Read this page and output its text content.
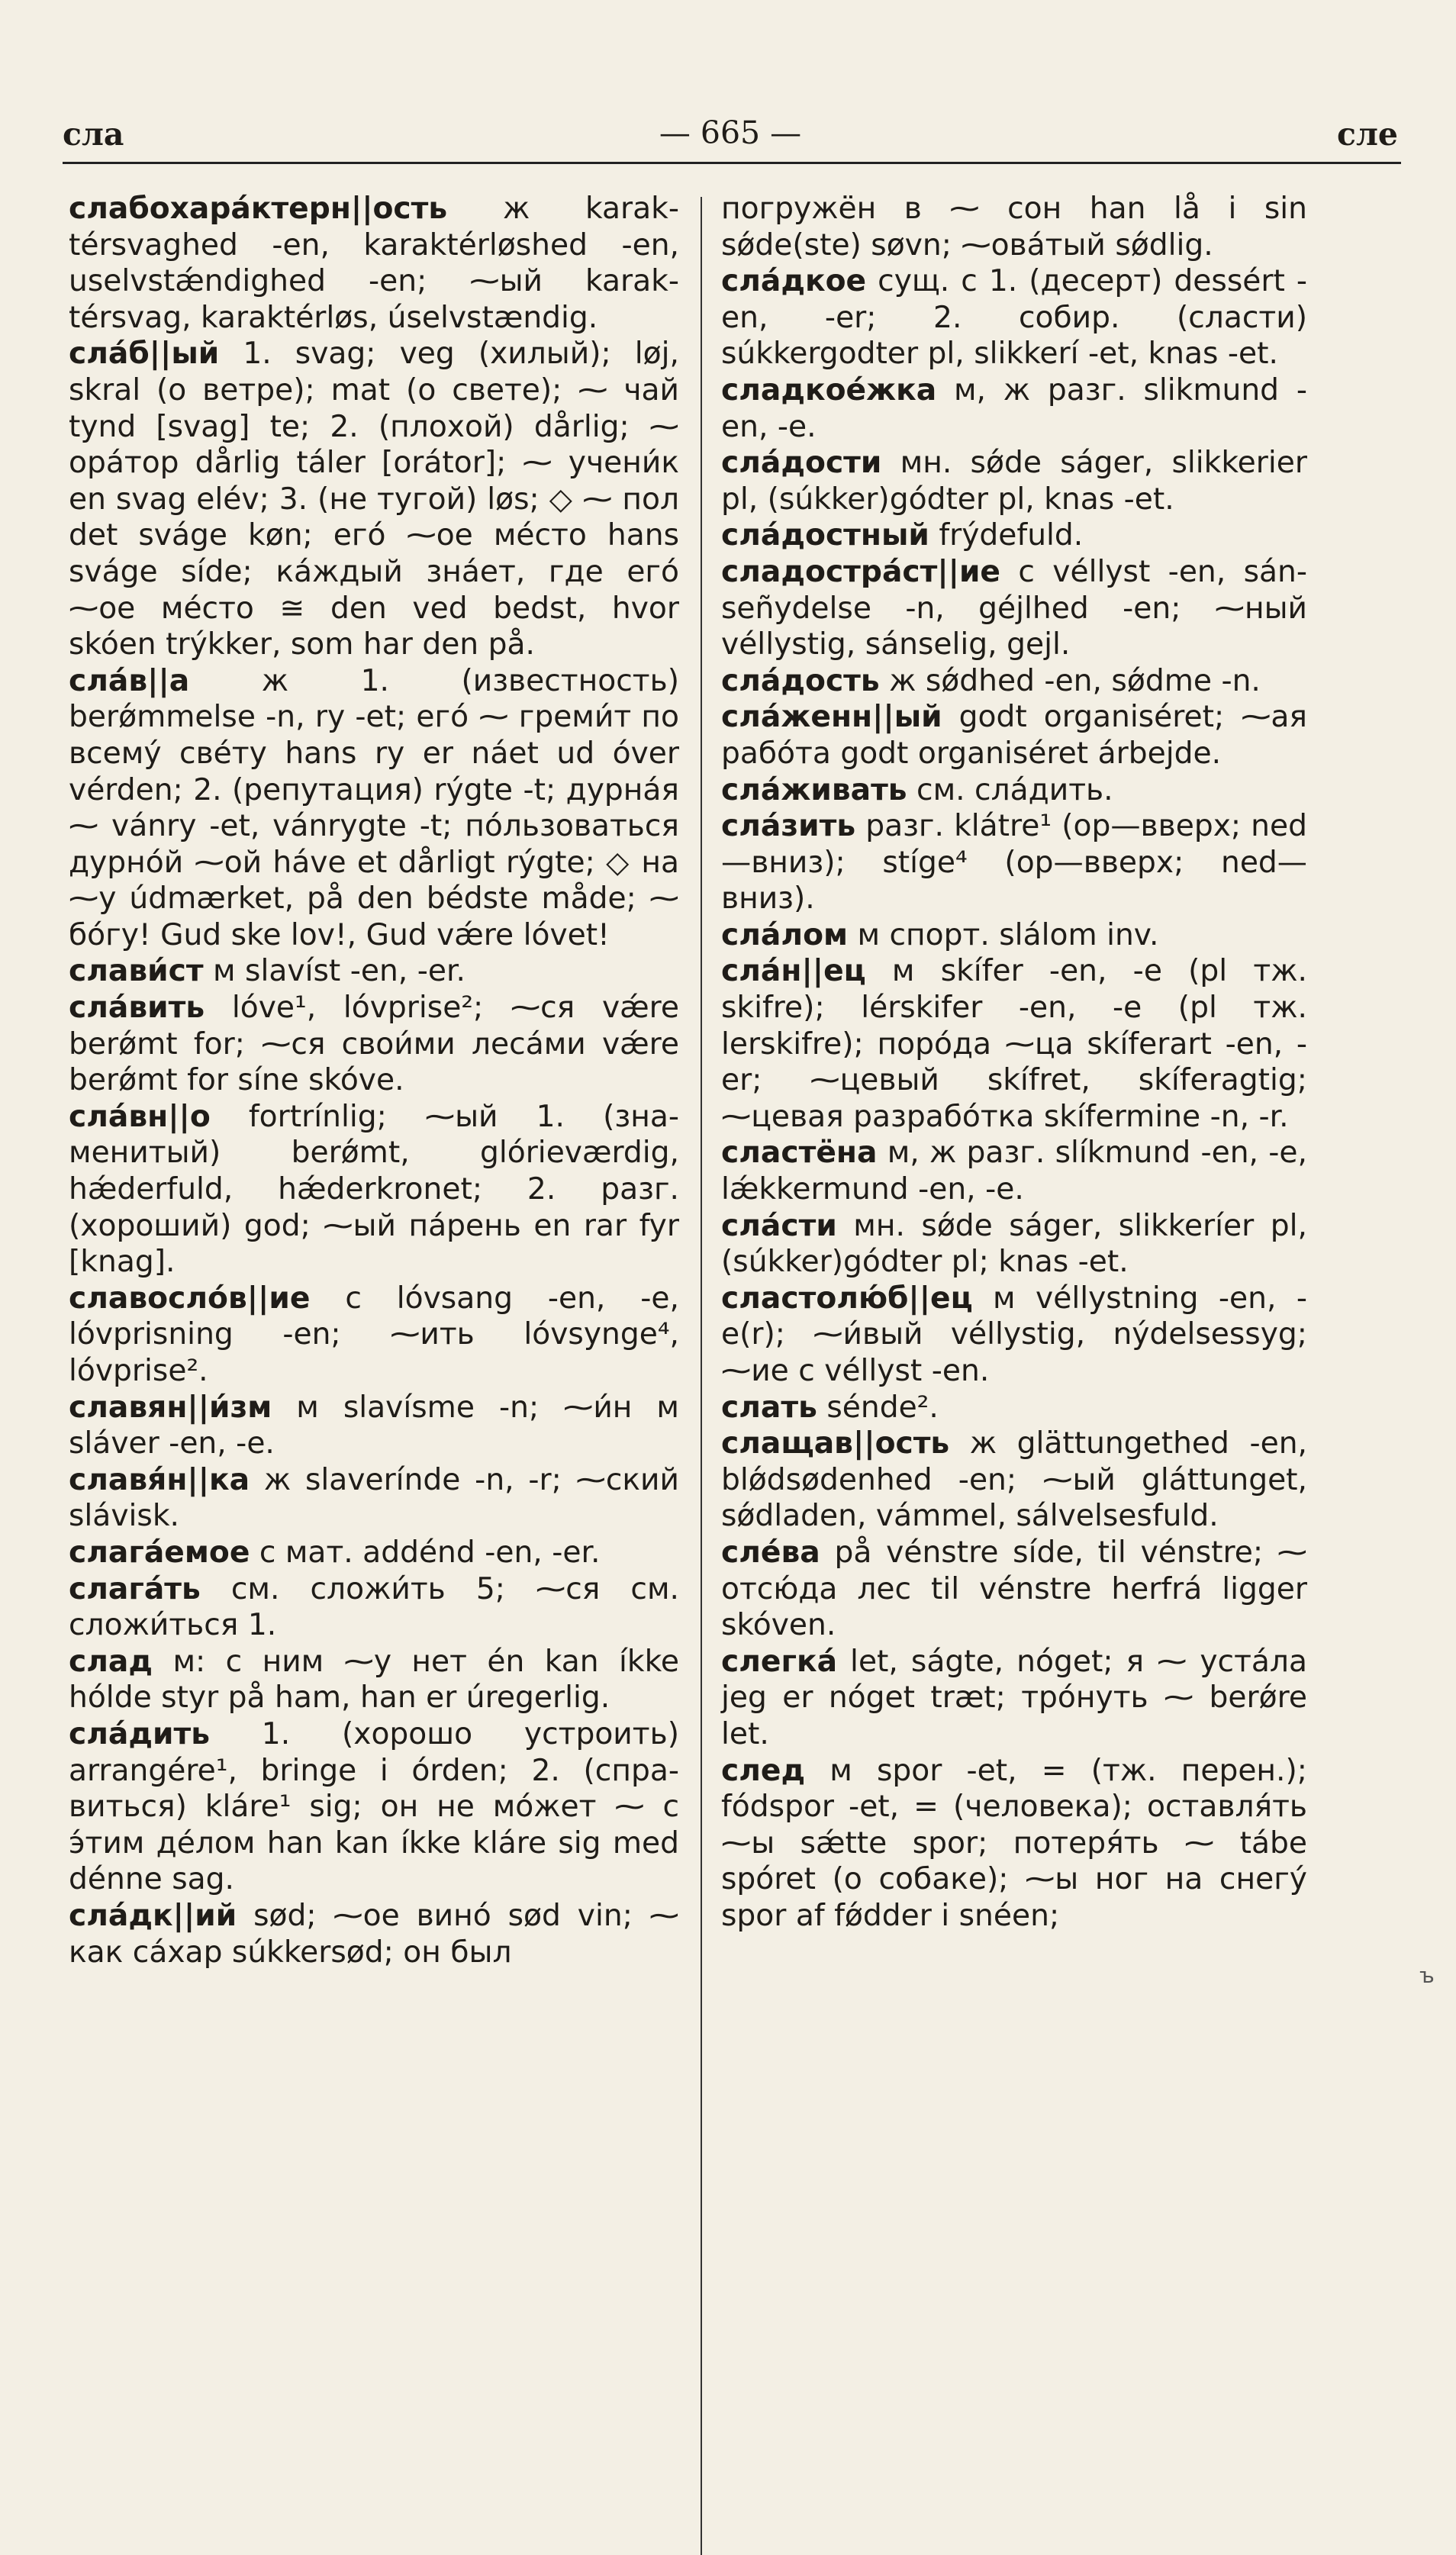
сла	— 665 —	сле

слабохара́ктерн||ость ж karaktérsvaghed -en, karaktérløshed -en, uselvstǽndighed -en; ⁓ый karaktérsvag, karaktérløs, úselvstændig.

сла́б||ый 1. svag; veg (хилый); løj, skral (о ветре); mat (о свете); ⁓ чай tynd [svag] te; 2. (плохой) dårlig; ⁓ ора́тор dårlig táler [orátor]; ⁓ учени́к en svag elév; 3. (не тугой) løs; ◇ ⁓ пол det sváge køn; его́ ⁓ое ме́сто hans sváge síde; ка́ждый зна́ет, где его́ ⁓ое ме́сто ≅ den ved bedst, hvor skóen trýkker, som har den på.

сла́в||а ж 1. (известность) berǿmmelse -n, ry -et; его́ ⁓ греми́т по всему́ све́ту hans ry er náet ud óver vérden; 2. (репутация) rýgte -t; дурна́я ⁓ vánry -et, vánrygte -t; по́льзоваться дурно́й ⁓ой háve et dårligt rýgte; ◇ на ⁓у údmærket, på den bédste måde; ⁓ бо́гу! Gud ske lov!, Gud vǽre lóvet!

слави́ст м slavíst -en, -er.

сла́вить lóve¹, lóvprise²; ⁓ся vǽre berǿmt for; ⁓ся свои́ми леса́ми vǽre berǿmt for síne skóve.

сла́вн||о fortrínlig; ⁓ый 1. (знаменитый) berǿmt, glórieværdig, hǽderfuld, hǽderkronet; 2. разг. (хороший) god; ⁓ый па́рень en rar fyr [knag].

славосло́в||ие с lóvsang -en, -e, lóvprisning -en; ⁓ить lóvsynge⁴, lóvprise².

славян||и́зм м slavísme -n; ⁓и́н м sláver -en, -e.

славя́н||ка ж slaverínde -n, -r; ⁓ский slávisk.

слага́емое с мат. addénd -en, -er.

слага́ть см. сложи́ть 5; ⁓ся см. сложи́ться 1.

слад м: с ним ⁓у нет én kan íkke hólde styr på ham, han er úregerlig.

сла́дить 1. (хорошо устроить) arrangére¹, bringe i órden; 2. (справиться) kláre¹ sig; он не мо́жет ⁓ с э́тим де́лом han kan íkke kláre sig med dénne sag.

сла́дк||ий sød; ⁓ое вино́ sød vin; ⁓ как са́хар súkkersød; он был

погружён в ⁓ сон han lå i sin sǿde(ste) søvn; ⁓ова́тый sǿdlig.

сла́дкое сущ. с 1. (десерт) dessért -en, -er; 2. собир. (сласти) súkkergodter pl, slikkerí -et, knas -et.

сладкое́жка м, ж разг. slikmund -en, -e.

сла́дости мн. sǿde ságer, slikkerier pl, (súkker)gódter pl, knas -et.

сла́достный frýdefuld.

сладостра́ст||ие с véllyst -en, sánseñydelse -n, géjlhed -en; ⁓ный véllystig, sánselig, gejl.

сла́дость ж sǿdhed -en, sǿdme -n.

сла́женн||ый godt organiséret; ⁓ая рабо́та godt organiséret árbejde.

сла́живать см. сла́дить.

сла́зить разг. klátre¹ (op—вверх; ned—вниз); stíge⁴ (op—вверх; ned—вниз).

сла́лом м спорт. slálom inv.

сла́н||ец м skífer -en, -e (pl тж. skifre); lérskifer -en, -e (pl тж. lerskifre); поро́да ⁓ца skíferart -en, -er; ⁓цевый skífret, skíferagtig; ⁓цевая разрабо́тка skífermine -n, -r.

сластёна м, ж разг. slíkmund -en, -e, lǽkkermund -en, -e.

сла́сти мн. sǿde ságer, slikkeríer pl, (súkker)gódter pl; knas -et.

сластолю́б||ец м véllystning -en, -e(r); ⁓и́вый véllystig, nýdelsessyg; ⁓ие с véllyst -en.

слать sénde².

слащав||ость ж glättungethed -en, blǿdsødenhed -en; ⁓ый gláttunget, sǿdladen, vámmel, sálvelsesfuld.

сле́ва på vénstre síde, til vénstre; ⁓ отсю́да лес til vénstre herfrá ligger skóven.

слегка́ let, ságte, nóget; я ⁓ уста́ла jeg er nóget træt; тро́нуть ⁓ berǿre let.

след м spor -et, = (тж. перен.); fódspor -et, = (человека); оставля́ть ⁓ы sǽtte spor; потеря́ть ⁓ tábe spóret (о собаке); ⁓ы ног на снегу́ spor af fǿdder i snéen;

ъ
